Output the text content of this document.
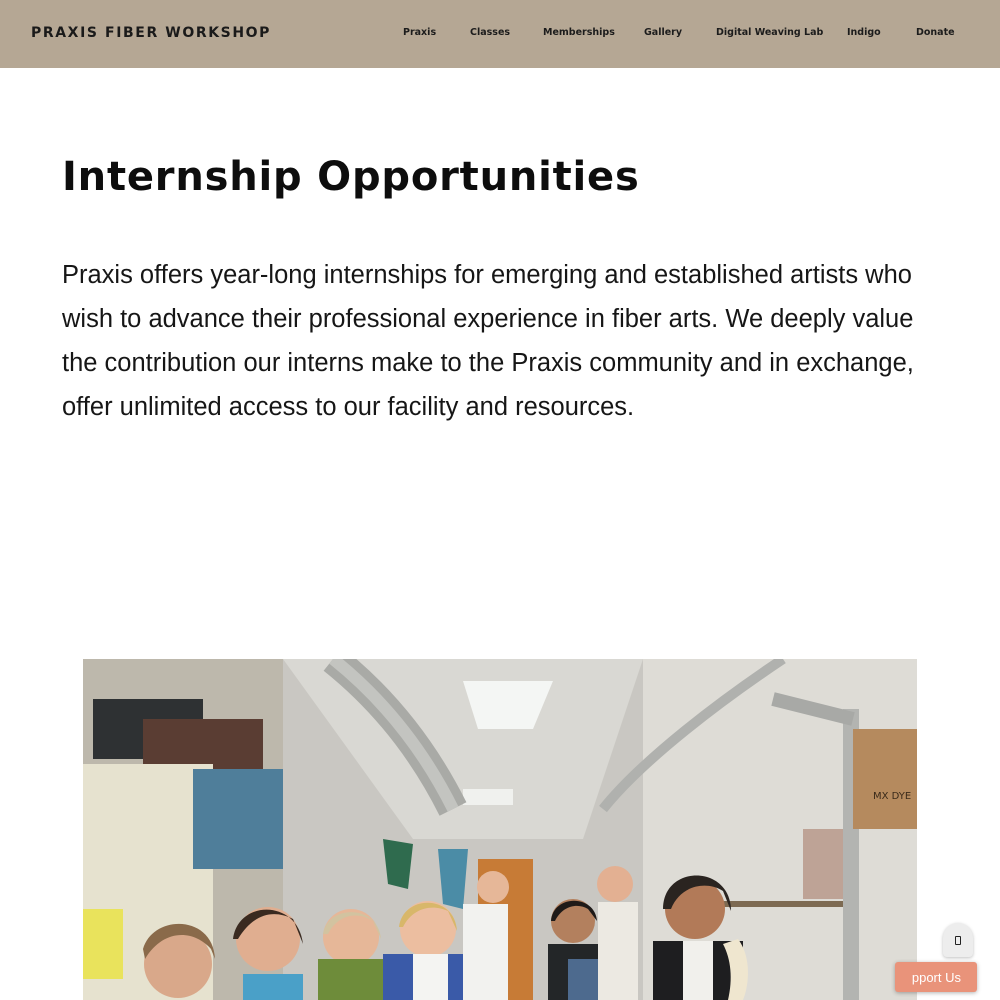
PRAXIS FIBER WORKSHOP	Praxis	Classes	Memberships	Gallery	Digital Weaving Lab Indigo	Donate
Internship Opportunities

Praxis offers year-long internships for emerging and established artists who wish to advance their professional experience in fiber arts. We deeply value the contribution our interns make to the Praxis community and in exchange, offer unlimited access to our facility and resources.

MX DYE
pport Us
